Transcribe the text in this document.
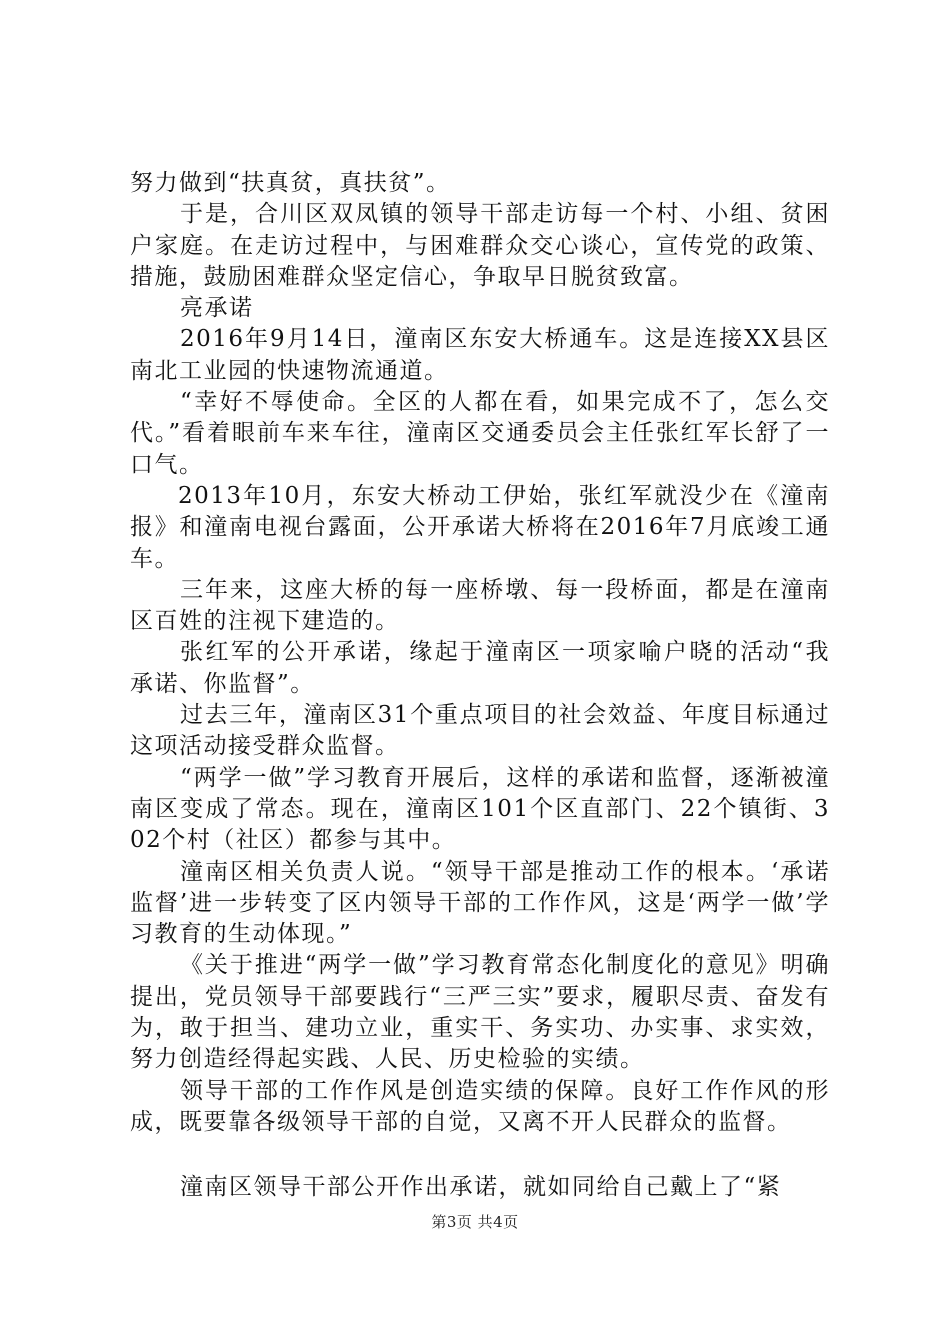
努力做到“扶真贫，真扶贫”。

于是，合川区双凤镇的领导干部走访每一个村、小组、贫困户家庭。在走访过程中，与困难群众交心谈心，宣传党的政策、措施，鼓励困难群众坚定信心，争取早日脱贫致富。

亮承诺

2016年9月14日，潼南区东安大桥通车。这是连接XX县区南北工业园的快速物流通道。

“幸好不辱使命。全区的人都在看，如果完成不了，怎么交代。”看着眼前车来车往，潼南区交通委员会主任张红军长舒了一口气。

2013年10月，东安大桥动工伊始，张红军就没少在《潼南报》和潼南电视台露面，公开承诺大桥将在2016年7月底竣工通车。

三年来，这座大桥的每一座桥墩、每一段桥面，都是在潼南区百姓的注视下建造的。

张红军的公开承诺，缘起于潼南区一项家喻户晓的活动“我承诺、你监督”。

过去三年，潼南区31个重点项目的社会效益、年度目标通过这项活动接受群众监督。

“两学一做”学习教育开展后，这样的承诺和监督，逐渐被潼南区变成了常态。现在，潼南区101个区直部门、22个镇街、302个村（社区）都参与其中。

潼南区相关负责人说。“领导干部是推动工作的根本。‘承诺监督’进一步转变了区内领导干部的工作作风，这是‘两学一做’学习教育的生动体现。”

《关于推进“两学一做”学习教育常态化制度化的意见》明确提出，党员领导干部要践行“三严三实”要求，履职尽责、奋发有为，敢于担当、建功立业，重实干、务实功、办实事、求实效，努力创造经得起实践、人民、历史检验的实绩。

领导干部的工作作风是创造实绩的保障。良好工作作风的形成，既要靠各级领导干部的自觉，又离不开人民群众的监督。

潼南区领导干部公开作出承诺，就如同给自己戴上了“紧

第3页 共4页
